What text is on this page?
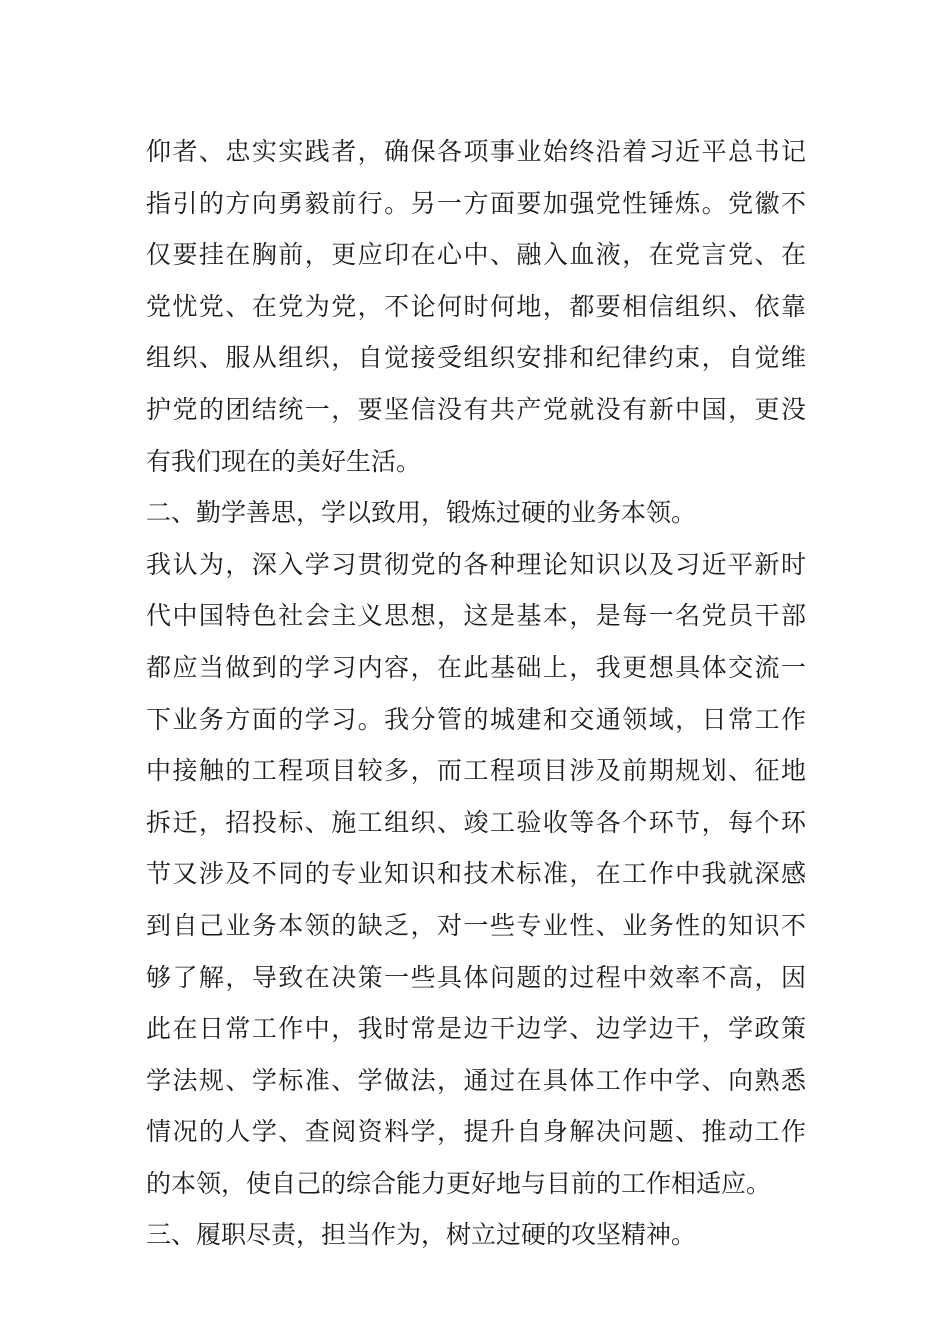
仰者、忠实实践者，确保各项事业始终沿着习近平总书记
指引的方向勇毅前行。另一方面要加强党性锤炼。党徽不
仅要挂在胸前，更应印在心中、融入血液，在党言党、在
党忧党、在党为党，不论何时何地，都要相信组织、依靠
组织、服从组织，自觉接受组织安排和纪律约束，自觉维
护党的团结统一，要坚信没有共产党就没有新中国，更没
有我们现在的美好生活。
二、勤学善思，学以致用，锻炼过硬的业务本领。
我认为，深入学习贯彻党的各种理论知识以及习近平新时
代中国特色社会主义思想，这是基本，是每一名党员干部
都应当做到的学习内容，在此基础上，我更想具体交流一
下业务方面的学习。我分管的城建和交通领域，日常工作
中接触的工程项目较多，而工程项目涉及前期规划、征地
拆迁，招投标、施工组织、竣工验收等各个环节，每个环
节又涉及不同的专业知识和技术标准，在工作中我就深感
到自己业务本领的缺乏，对一些专业性、业务性的知识不
够了解，导致在决策一些具体问题的过程中效率不高，因
此在日常工作中，我时常是边干边学、边学边干，学政策
学法规、学标准、学做法，通过在具体工作中学、向熟悉
情况的人学、查阅资料学，提升自身解决问题、推动工作
的本领，使自己的综合能力更好地与目前的工作相适应。
三、履职尽责，担当作为，树立过硬的攻坚精神。
